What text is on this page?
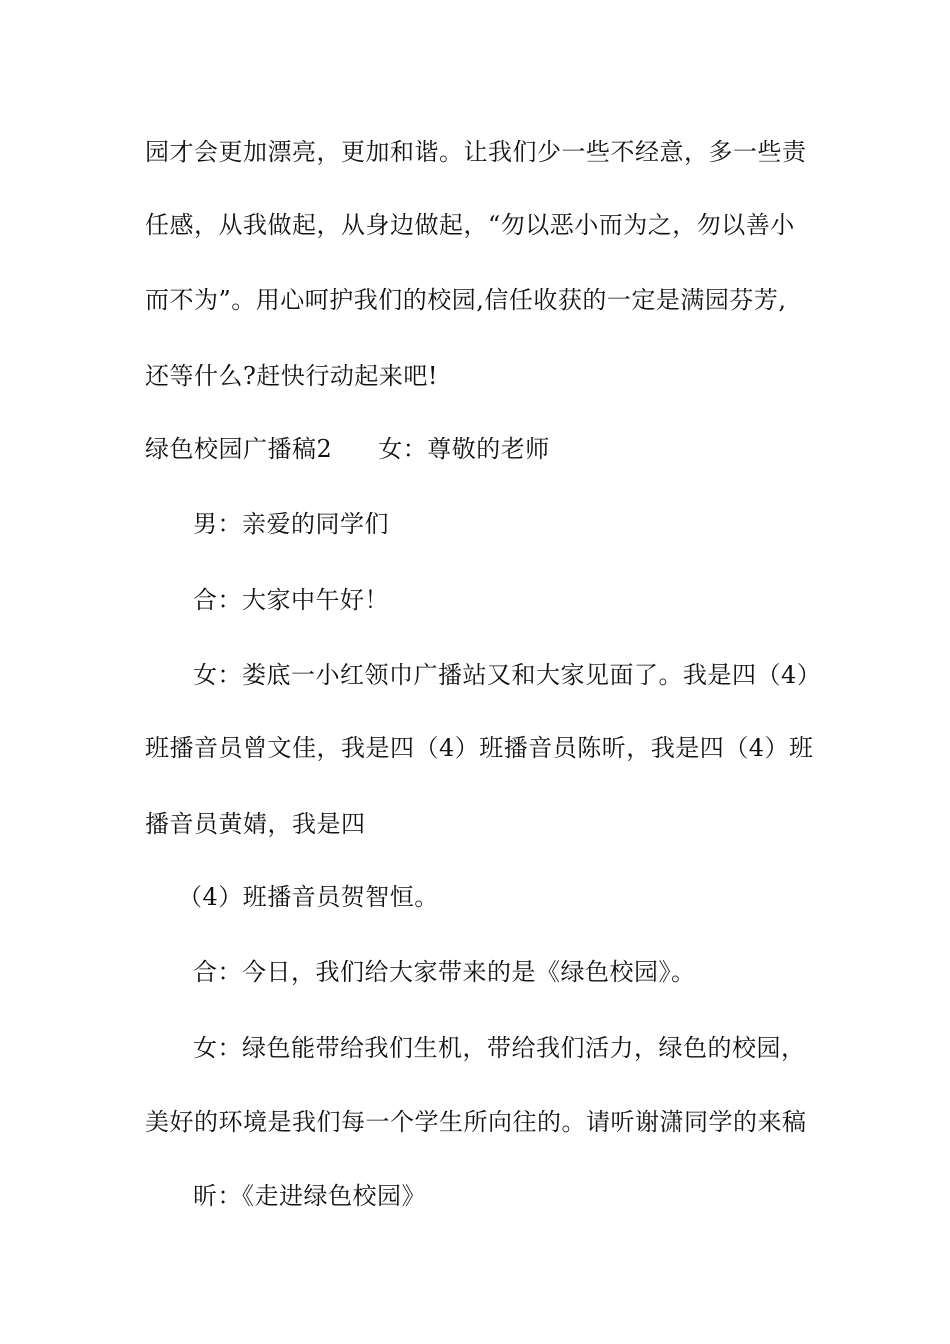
园才会更加漂亮，更加和谐。让我们少一些不经意，多一些责
任感，从我做起，从身边做起，“勿以恶小而为之，勿以善小
而不为”。用心呵护我们的校园,信任收获的一定是满园芬芳,
还等什么?赶快行动起来吧!
绿色校园广播稿2 女：尊敬的老师
男：亲爱的同学们
合：大家中午好！
女：娄底一小红领巾广播站又和大家见面了。我是四（4）
班播音员曾文佳，我是四（4）班播音员陈昕，我是四（4）班
播音员黄婧，我是四
（4）班播音员贺智恒。
合：今日，我们给大家带来的是《绿色校园》。
女：绿色能带给我们生机，带给我们活力，绿色的校园，
美好的环境是我们每一个学生所向往的。请听谢潇同学的来稿
昕：《走进绿色校园》
